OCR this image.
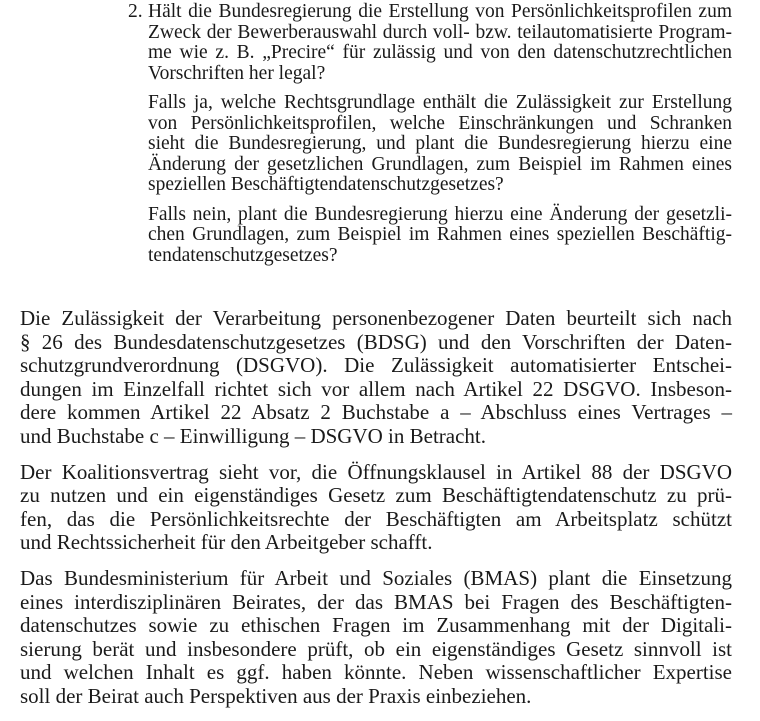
2. Hält die Bundesregierung die Erstellung von Persönlichkeitsprofilen zum
Zweck der Bewerberauswahl durch voll- bzw. teilautomatisierte Program-
me wie z. B. „Precire“ für zulässig und von den datenschutzrechtlichen
Vorschriften her legal?

Falls ja, welche Rechtsgrundlage enthält die Zulässigkeit zur Erstellung
von Persönlichkeitsprofilen, welche Einschränkungen und Schranken
sieht die Bundesregierung, und plant die Bundesregierung hierzu eine
Änderung der gesetzlichen Grundlagen, zum Beispiel im Rahmen eines
speziellen Beschäftigtendatenschutzgesetzes?

Falls nein, plant die Bundesregierung hierzu eine Änderung der gesetzli-
chen Grundlagen, zum Beispiel im Rahmen eines speziellen Beschäftig-
tendatenschutzgesetzes?

Die Zulässigkeit der Verarbeitung personenbezogener Daten beurteilt sich nach
§ 26 des Bundesdatenschutzgesetzes (BDSG) und den Vorschriften der Daten-
schutzgrundverordnung (DSGVO). Die Zulässigkeit automatisierter Entschei-
dungen im Einzelfall richtet sich vor allem nach Artikel 22 DSGVO. Insbeson-
dere kommen Artikel 22 Absatz 2 Buchstabe a – Abschluss eines Vertrages –
und Buchstabe c – Einwilligung – DSGVO in Betracht.

Der Koalitionsvertrag sieht vor, die Öffnungsklausel in Artikel 88 der DSGVO
zu nutzen und ein eigenständiges Gesetz zum Beschäftigtendatenschutz zu prü-
fen, das die Persönlichkeitsrechte der Beschäftigten am Arbeitsplatz schützt
und Rechtssicherheit für den Arbeitgeber schafft.

Das Bundesministerium für Arbeit und Soziales (BMAS) plant die Einsetzung
eines interdisziplinären Beirates, der das BMAS bei Fragen des Beschäftigten-
datenschutzes sowie zu ethischen Fragen im Zusammenhang mit der Digitali-
sierung berät und insbesondere prüft, ob ein eigenständiges Gesetz sinnvoll ist
und welchen Inhalt es ggf. haben könnte. Neben wissenschaftlicher Expertise
soll der Beirat auch Perspektiven aus der Praxis einbeziehen.
